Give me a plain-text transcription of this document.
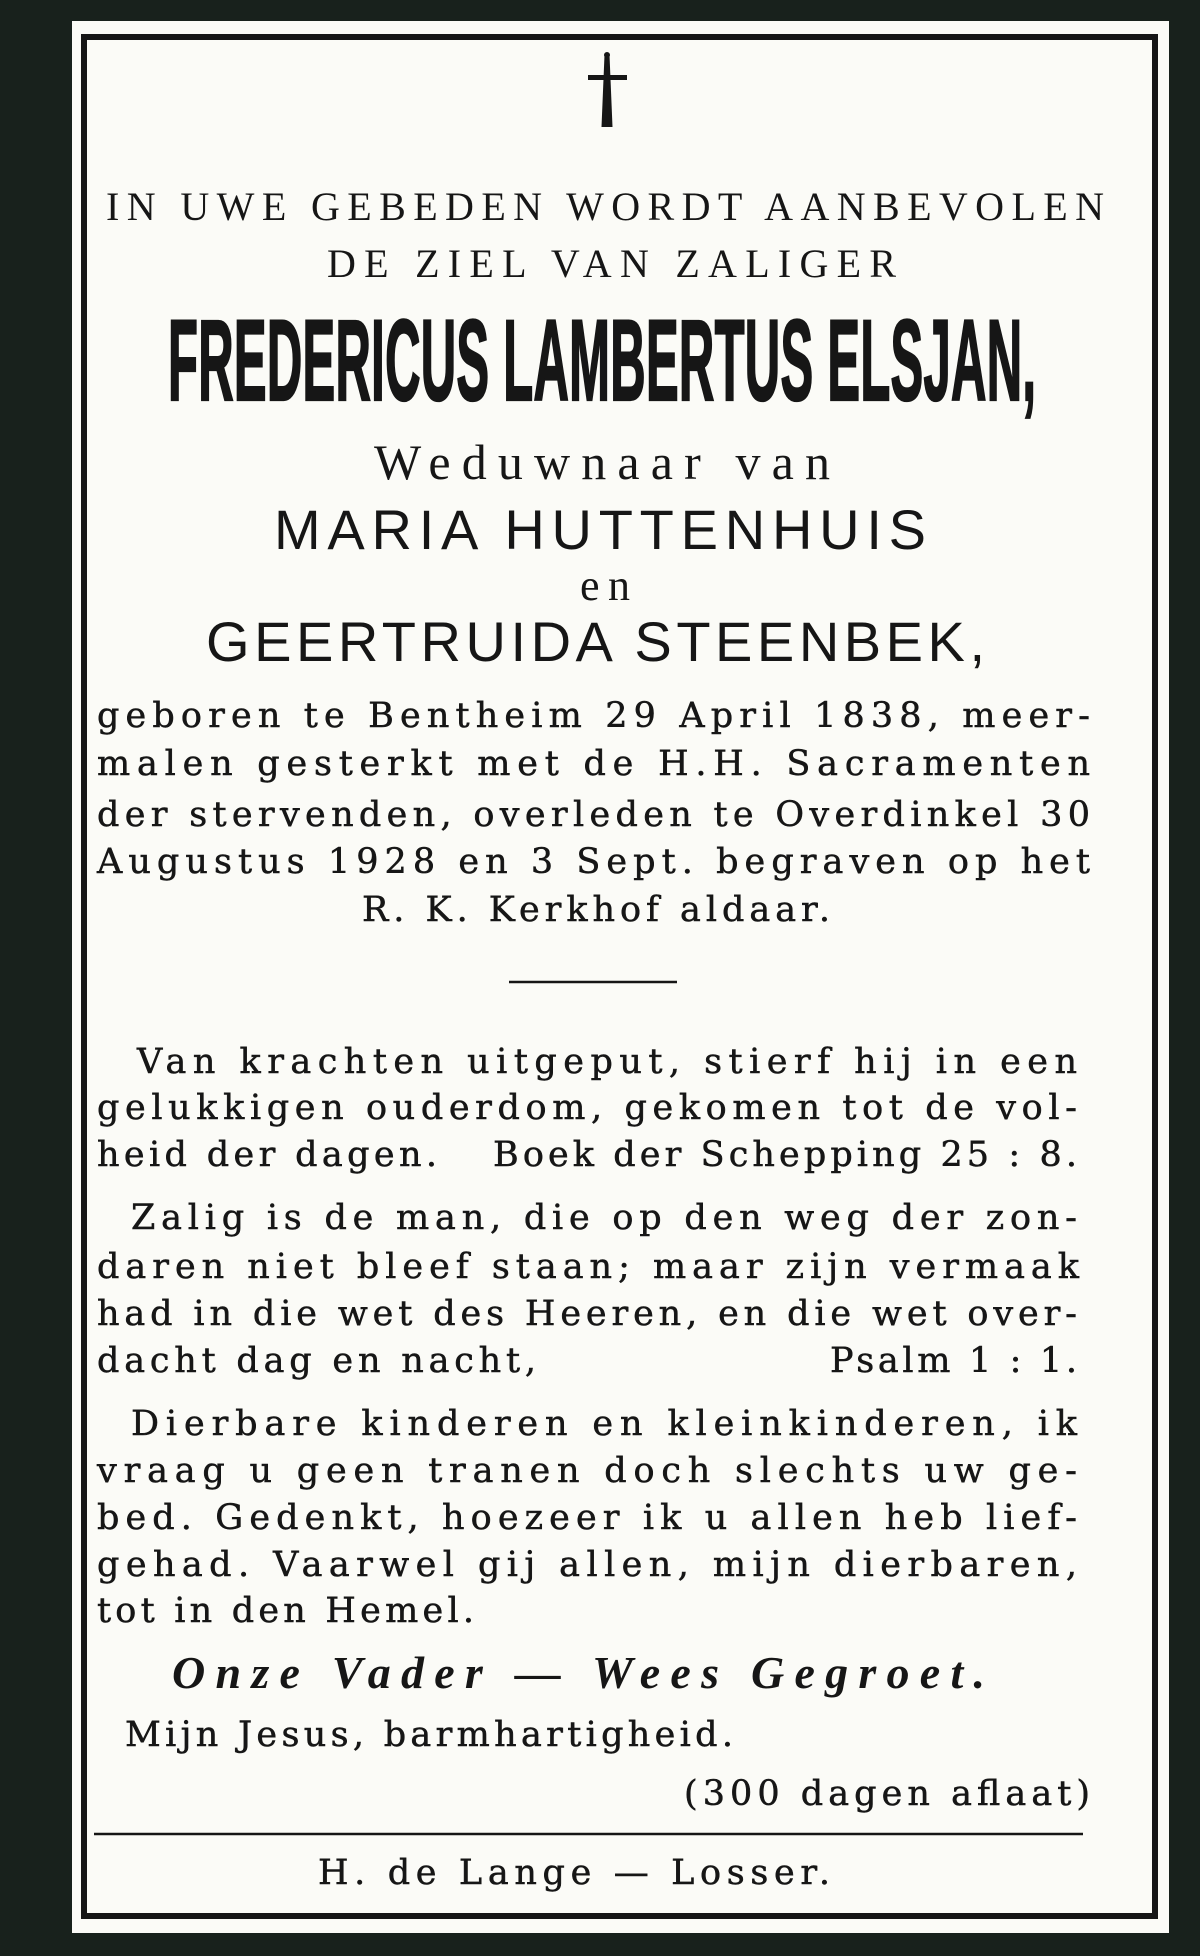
IN UWE GEBEDEN WORDT AANBEVOLEN
DE ZIEL VAN ZALIGER
FREDERICUS LAMBERTUS ELSJAN,
Weduwnaar van
MARIA HUTTENHUIS
en
GEERTRUIDA STEENBEK,
geboren te Bentheim 29 April 1838, meer-
malen gesterkt met de H.H. Sacramenten
der stervenden, overleden te Overdinkel 30
Augustus 1928 en 3 Sept. begraven op het
R. K. Kerkhof aldaar.
Van krachten uitgeput, stierf hij in een
gelukkigen ouderdom, gekomen tot de vol-
heid der dagen. Boek der Schepping 25 : 8.
Zalig is de man, die op den weg der zon-
daren niet bleef staan; maar zijn vermaak
had in die wet des Heeren, en die wet over-
dacht dag en nacht,	Psalm 1 : 1.
Dierbare kinderen en kleinkinderen, ik
vraag u geen tranen doch slechts uw ge-
bed. Gedenkt, hoezeer ik u allen heb lief-
gehad. Vaarwel gij allen, mijn dierbaren,
tot in den Hemel.
Onze Vader — Wees Gegroet.
Mijn Jesus, barmhartigheid.
(300 dagen aflaat)
H. de Lange — Losser.
